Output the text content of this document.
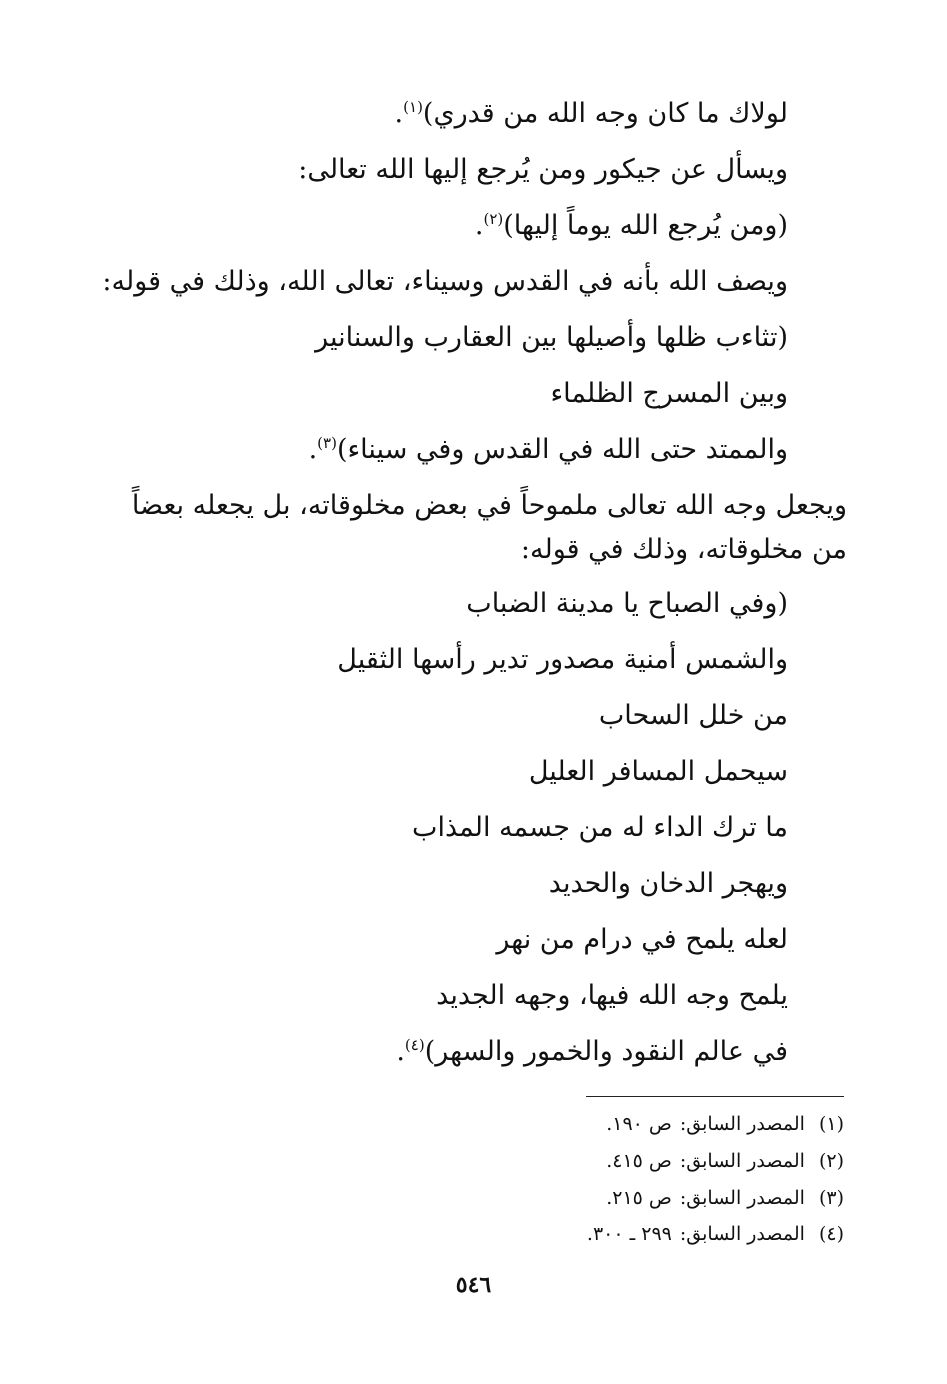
لولاك ما كان وجه الله من قدري)$^{(١)}$.
ويسأل عن جيكور ومن يُرجع إليها الله تعالى:
(ومن يُرجع الله يوماً إليها)$^{(٢)}$.
ويصف الله بأنه في القدس وسيناء، تعالى الله، وذلك في قوله:
(تثاءب ظلها وأصيلها بين العقارب والسنانير
وبين المسرج الظلماء
والممتد حتى الله في القدس وفي سيناء)$^{(٣)}$.
ويجعل وجه الله تعالى ملموحاً في بعض مخلوقاته، بل يجعله بعضاً
من مخلوقاته، وذلك في قوله:
(وفي الصباح يا مدينة الضباب
والشمس أمنية مصدور تدير رأسها الثقيل
من خلل السحاب
سيحمل المسافر العليل
ما ترك الداء له من جسمه المذاب
ويهجر الدخان والحديد
لعله يلمح في درام من نهر
يلمح وجه الله فيها، وجهه الجديد
في عالم النقود والخمور والسهر)$^{(٤)}$.
(١)المصدر السابق:ص ١٩٠.
(٢)المصدر السابق:ص ٤١٥.
(٣)المصدر السابق:ص ٢١٥.
(٤)المصدر السابق:٢٩٩ ـ ٣٠٠.
٥٤٦
